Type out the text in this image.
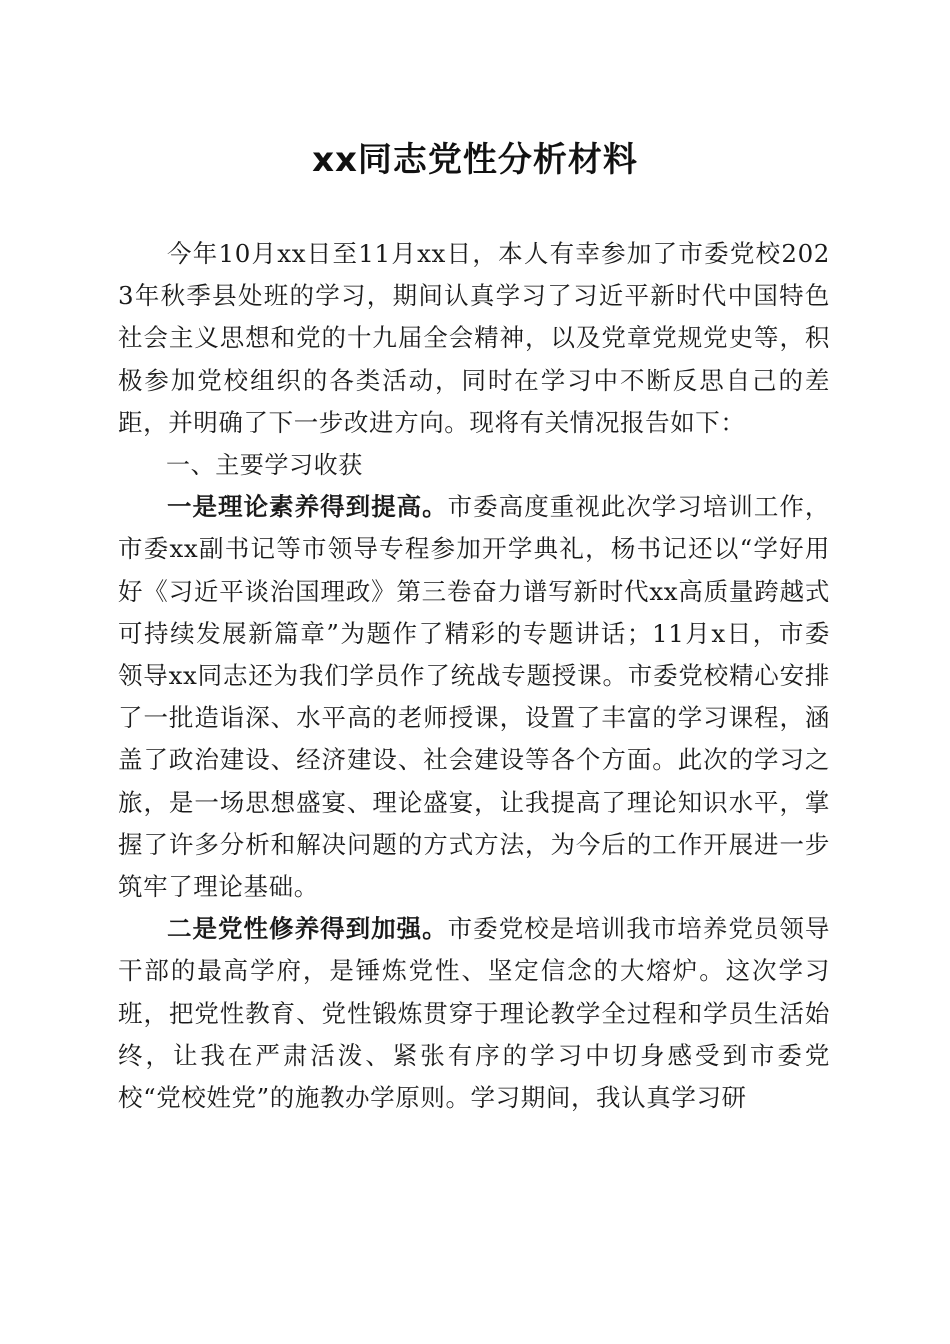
xx同志党性分析材料

今年10月xx日至11月xx日，本人有幸参加了市委党校2023年秋季县处班的学习，期间认真学习了习近平新时代中国特色社会主义思想和党的十九届全会精神，以及党章党规党史等，积极参加党校组织的各类活动，同时在学习中不断反思自己的差距，并明确了下一步改进方向。现将有关情况报告如下：

一、主要学习收获

一是理论素养得到提高。市委高度重视此次学习培训工作，市委xx副书记等市领导专程参加开学典礼，杨书记还以“学好用好《习近平谈治国理政》第三卷奋力谱写新时代xx高质量跨越式可持续发展新篇章”为题作了精彩的专题讲话；11月x日，市委领导xx同志还为我们学员作了统战专题授课。市委党校精心安排了一批造诣深、水平高的老师授课，设置了丰富的学习课程，涵盖了政治建设、经济建设、社会建设等各个方面。此次的学习之旅，是一场思想盛宴、理论盛宴，让我提高了理论知识水平，掌握了许多分析和解决问题的方式方法，为今后的工作开展进一步筑牢了理论基础。

二是党性修养得到加强。市委党校是培训我市培养党员领导干部的最高学府，是锤炼党性、坚定信念的大熔炉。这次学习班，把党性教育、党性锻炼贯穿于理论教学全过程和学员生活始终，让我在严肃活泼、紧张有序的学习中切身感受到市委党校“党校姓党”的施教办学原则。学习期间，我认真学习研
